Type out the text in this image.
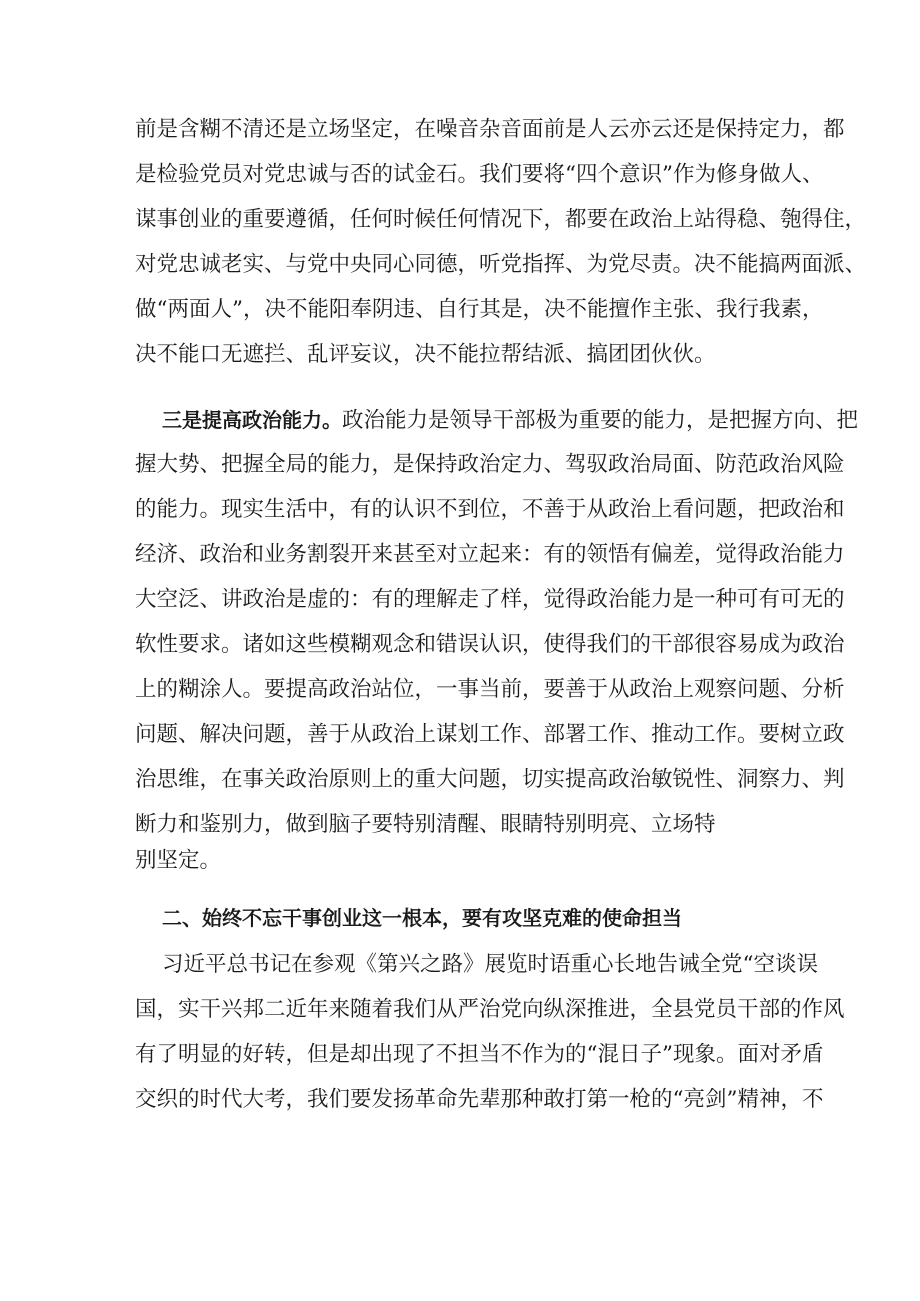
前是含糊不清还是立场坚定，在噪音杂音面前是人云亦云还是保持定力，都
是检验党员对党忠诚与否的试金石。我们要将“四个意识”作为修身做人、
谋事创业的重要遵循，任何时候任何情况下，都要在政治上站得稳、匏得住，
对党忠诚老实、与党中央同心同德，听党指挥、为党尽责。决不能搞两面派、
做“两面人”，决不能阳奉阴违、自行其是，决不能擅作主张、我行我素，
决不能口无遮拦、乱评妄议，决不能拉帮结派、搞团团伙伙。
三是提高政治能力。政治能力是领导干部极为重要的能力，是把握方向、把
握大势、把握全局的能力，是保持政治定力、驾驭政治局面、防范政治风险
的能力。现实生活中，有的认识不到位，不善于从政治上看问题，把政治和
经济、政治和业务割裂开来甚至对立起来：有的领悟有偏差，觉得政治能力
大空泛、讲政治是虚的：有的理解走了样，觉得政治能力是一种可有可无的
软性要求。诸如这些模糊观念和错误认识，使得我们的干部很容易成为政治
上的糊涂人。要提高政治站位，一事当前，要善于从政治上观察问题、分析
问题、解决问题，善于从政治上谋划工作、部署工作、推动工作。要树立政
治思维，在事关政治原则上的重大问题，切实提高政治敏锐性、洞察力、判
断力和鉴别力，做到脑子要特别清醒、眼睛特别明亮、立场特
别坚定。
二、始终不忘干事创业这一根本，要有攻坚克难的使命担当
习近平总书记在参观《第兴之路》展览时语重心长地告诫全党“空谈误
国，实干兴邦二近年来随着我们从严治党向纵深推进，全县党员干部的作风
有了明显的好转，但是却出现了不担当不作为的“混日子”现象。面对矛盾
交织的时代大考，我们要发扬革命先辈那种敢打第一枪的“亮剑”精神，不
